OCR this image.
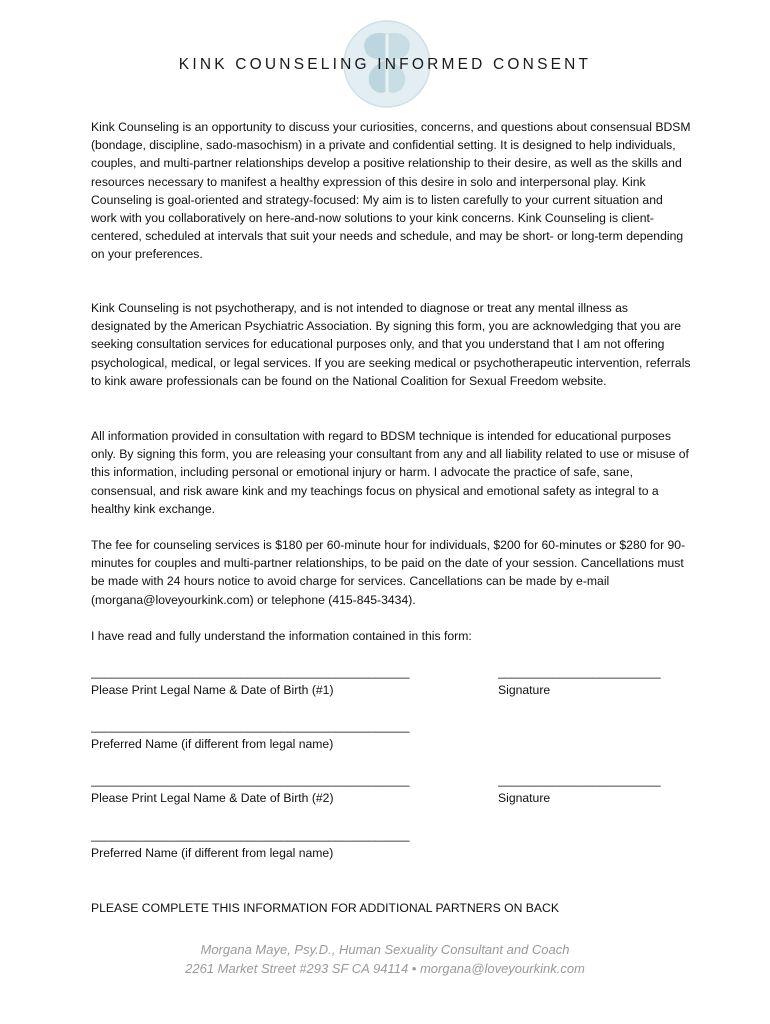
KINK COUNSELING INFORMED CONSENT

Kink Counseling is an opportunity to discuss your curiosities, concerns, and questions about consensual BDSM (bondage, discipline, sado-masochism) in a private and confidential setting. It is designed to help individuals, couples, and multi-partner relationships develop a positive relationship to their desire, as well as the skills and resources necessary to manifest a healthy expression of this desire in solo and interpersonal play. Kink Counseling is goal-oriented and strategy-focused: My aim is to listen carefully to your current situation and work with you collaboratively on here-and-now solutions to your kink concerns. Kink Counseling is client-centered, scheduled at intervals that suit your needs and schedule, and may be short- or long-term depending on your preferences.

Kink Counseling is not psychotherapy, and is not intended to diagnose or treat any mental illness as designated by the American Psychiatric Association. By signing this form, you are acknowledging that you are seeking consultation services for educational purposes only, and that you understand that I am not offering psychological, medical, or legal services. If you are seeking medical or psychotherapeutic intervention, referrals to kink aware professionals can be found on the National Coalition for Sexual Freedom website.

All information provided in consultation with regard to BDSM technique is intended for educational purposes only. By signing this form, you are releasing your consultant from any and all liability related to use or misuse of this information, including personal or emotional injury or harm. I advocate the practice of safe, sane, consensual, and risk aware kink and my teachings focus on physical and emotional safety as integral to a healthy kink exchange.

The fee for counseling services is $180 per 60-minute hour for individuals, $200 for 60-minutes or $280 for 90-minutes for couples and multi-partner relationships, to be paid on the date of your session. Cancellations must be made with 24 hours notice to avoid charge for services. Cancellations can be made by e-mail (morgana@loveyourkink.com) or telephone (415-845-3434).

I have read and fully understand the information contained in this form:

_______________________________________________
Please Print Legal Name & Date of Birth (#1)
________________________
Signature
_______________________________________________
Preferred Name (if different from legal name)
_______________________________________________
Please Print Legal Name & Date of Birth (#2)
________________________
Signature
_______________________________________________
Preferred Name (if different from legal name)
PLEASE COMPLETE THIS INFORMATION FOR ADDITIONAL PARTNERS ON BACK
Morgana Maye, Psy.D., Human Sexuality Consultant and Coach
2261 Market Street #293 SF CA 94114 • morgana@loveyourkink.com
